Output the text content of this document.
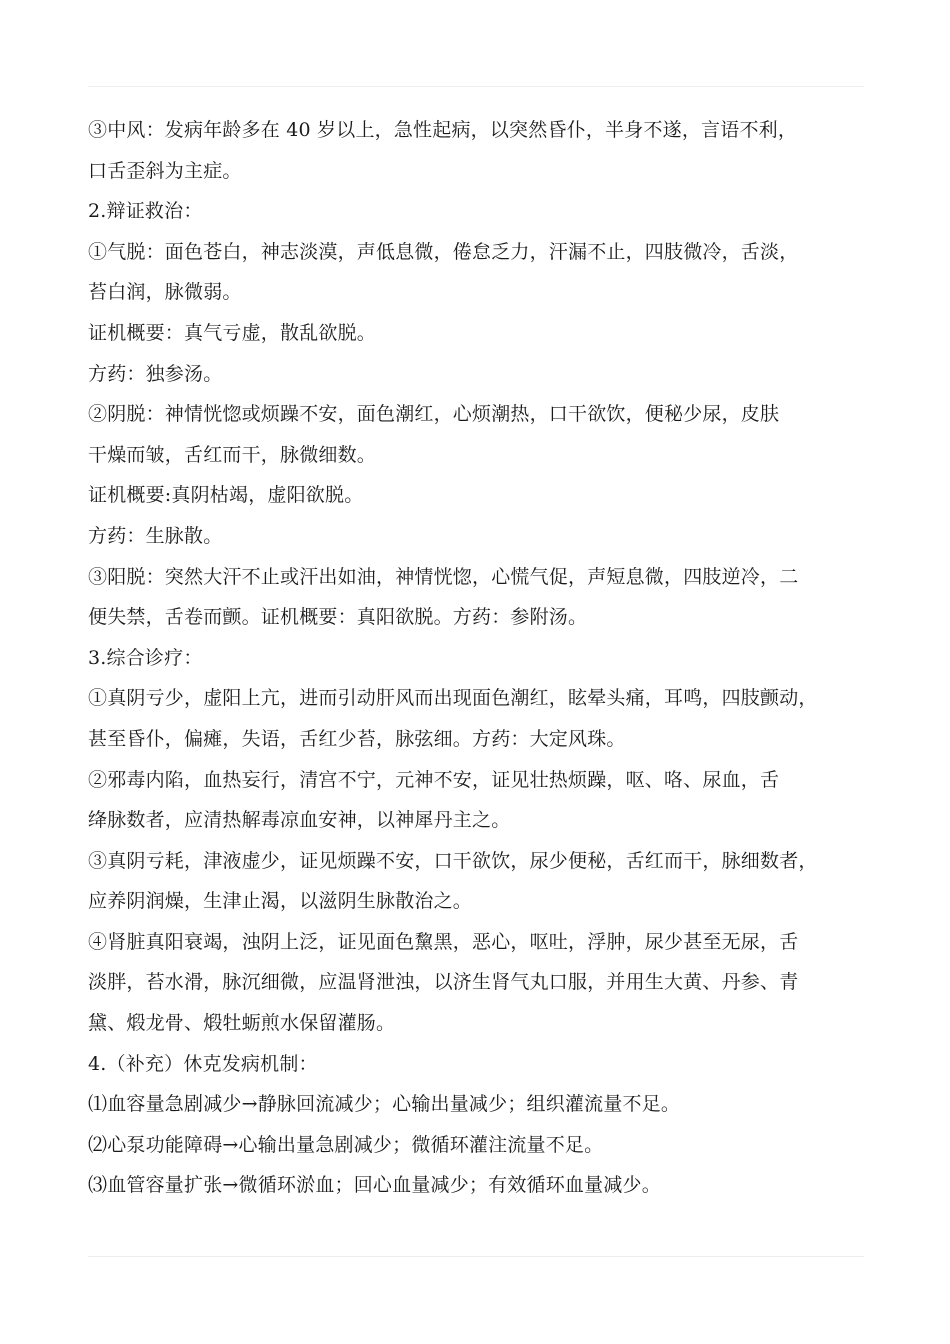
③中风：发病年龄多在 40 岁以上，急性起病，以突然昏仆，半身不遂，言语不利，
口舌歪斜为主症。
2.辩证救治：
①气脱：面色苍白，神志淡漠，声低息微，倦怠乏力，汗漏不止，四肢微冷，舌淡，
苔白润，脉微弱。
证机概要：真气亏虚，散乱欲脱。
方药：独参汤。
②阴脱：神情恍惚或烦躁不安，面色潮红，心烦潮热，口干欲饮，便秘少尿，皮肤
干燥而皱，舌红而干，脉微细数。
证机概要:真阴枯竭，虚阳欲脱。
方药：生脉散。
③阳脱：突然大汗不止或汗出如油，神情恍惚，心慌气促，声短息微，四肢逆冷，二
便失禁，舌卷而颤。证机概要：真阳欲脱。方药：参附汤。
3.综合诊疗：
①真阴亏少，虚阳上亢，进而引动肝风而出现面色潮红，眩晕头痛，耳鸣，四肢颤动，
甚至昏仆，偏瘫，失语，舌红少苔，脉弦细。方药：大定风珠。
②邪毒内陷，血热妄行，清宫不宁，元神不安，证见壮热烦躁，呕、咯、尿血，舌
绛脉数者，应清热解毒凉血安神，以神犀丹主之。
③真阴亏耗，津液虚少，证见烦躁不安，口干欲饮，尿少便秘，舌红而干，脉细数者，
应养阴润燥，生津止渴，以滋阴生脉散治之。
④肾脏真阳衰竭，浊阴上泛，证见面色黧黑，恶心，呕吐，浮肿，尿少甚至无尿，舌
淡胖，苔水滑，脉沉细微，应温肾泄浊，以济生肾气丸口服，并用生大黄、丹参、青
黛、煅龙骨、煅牡蛎煎水保留灌肠。
4.（补充）休克发病机制：
⑴血容量急剧减少→静脉回流减少；心输出量减少；组织灌流量不足。
⑵心泵功能障碍→心输出量急剧减少；微循环灌注流量不足。
⑶血管容量扩张→微循环淤血；回心血量减少；有效循环血量减少。
